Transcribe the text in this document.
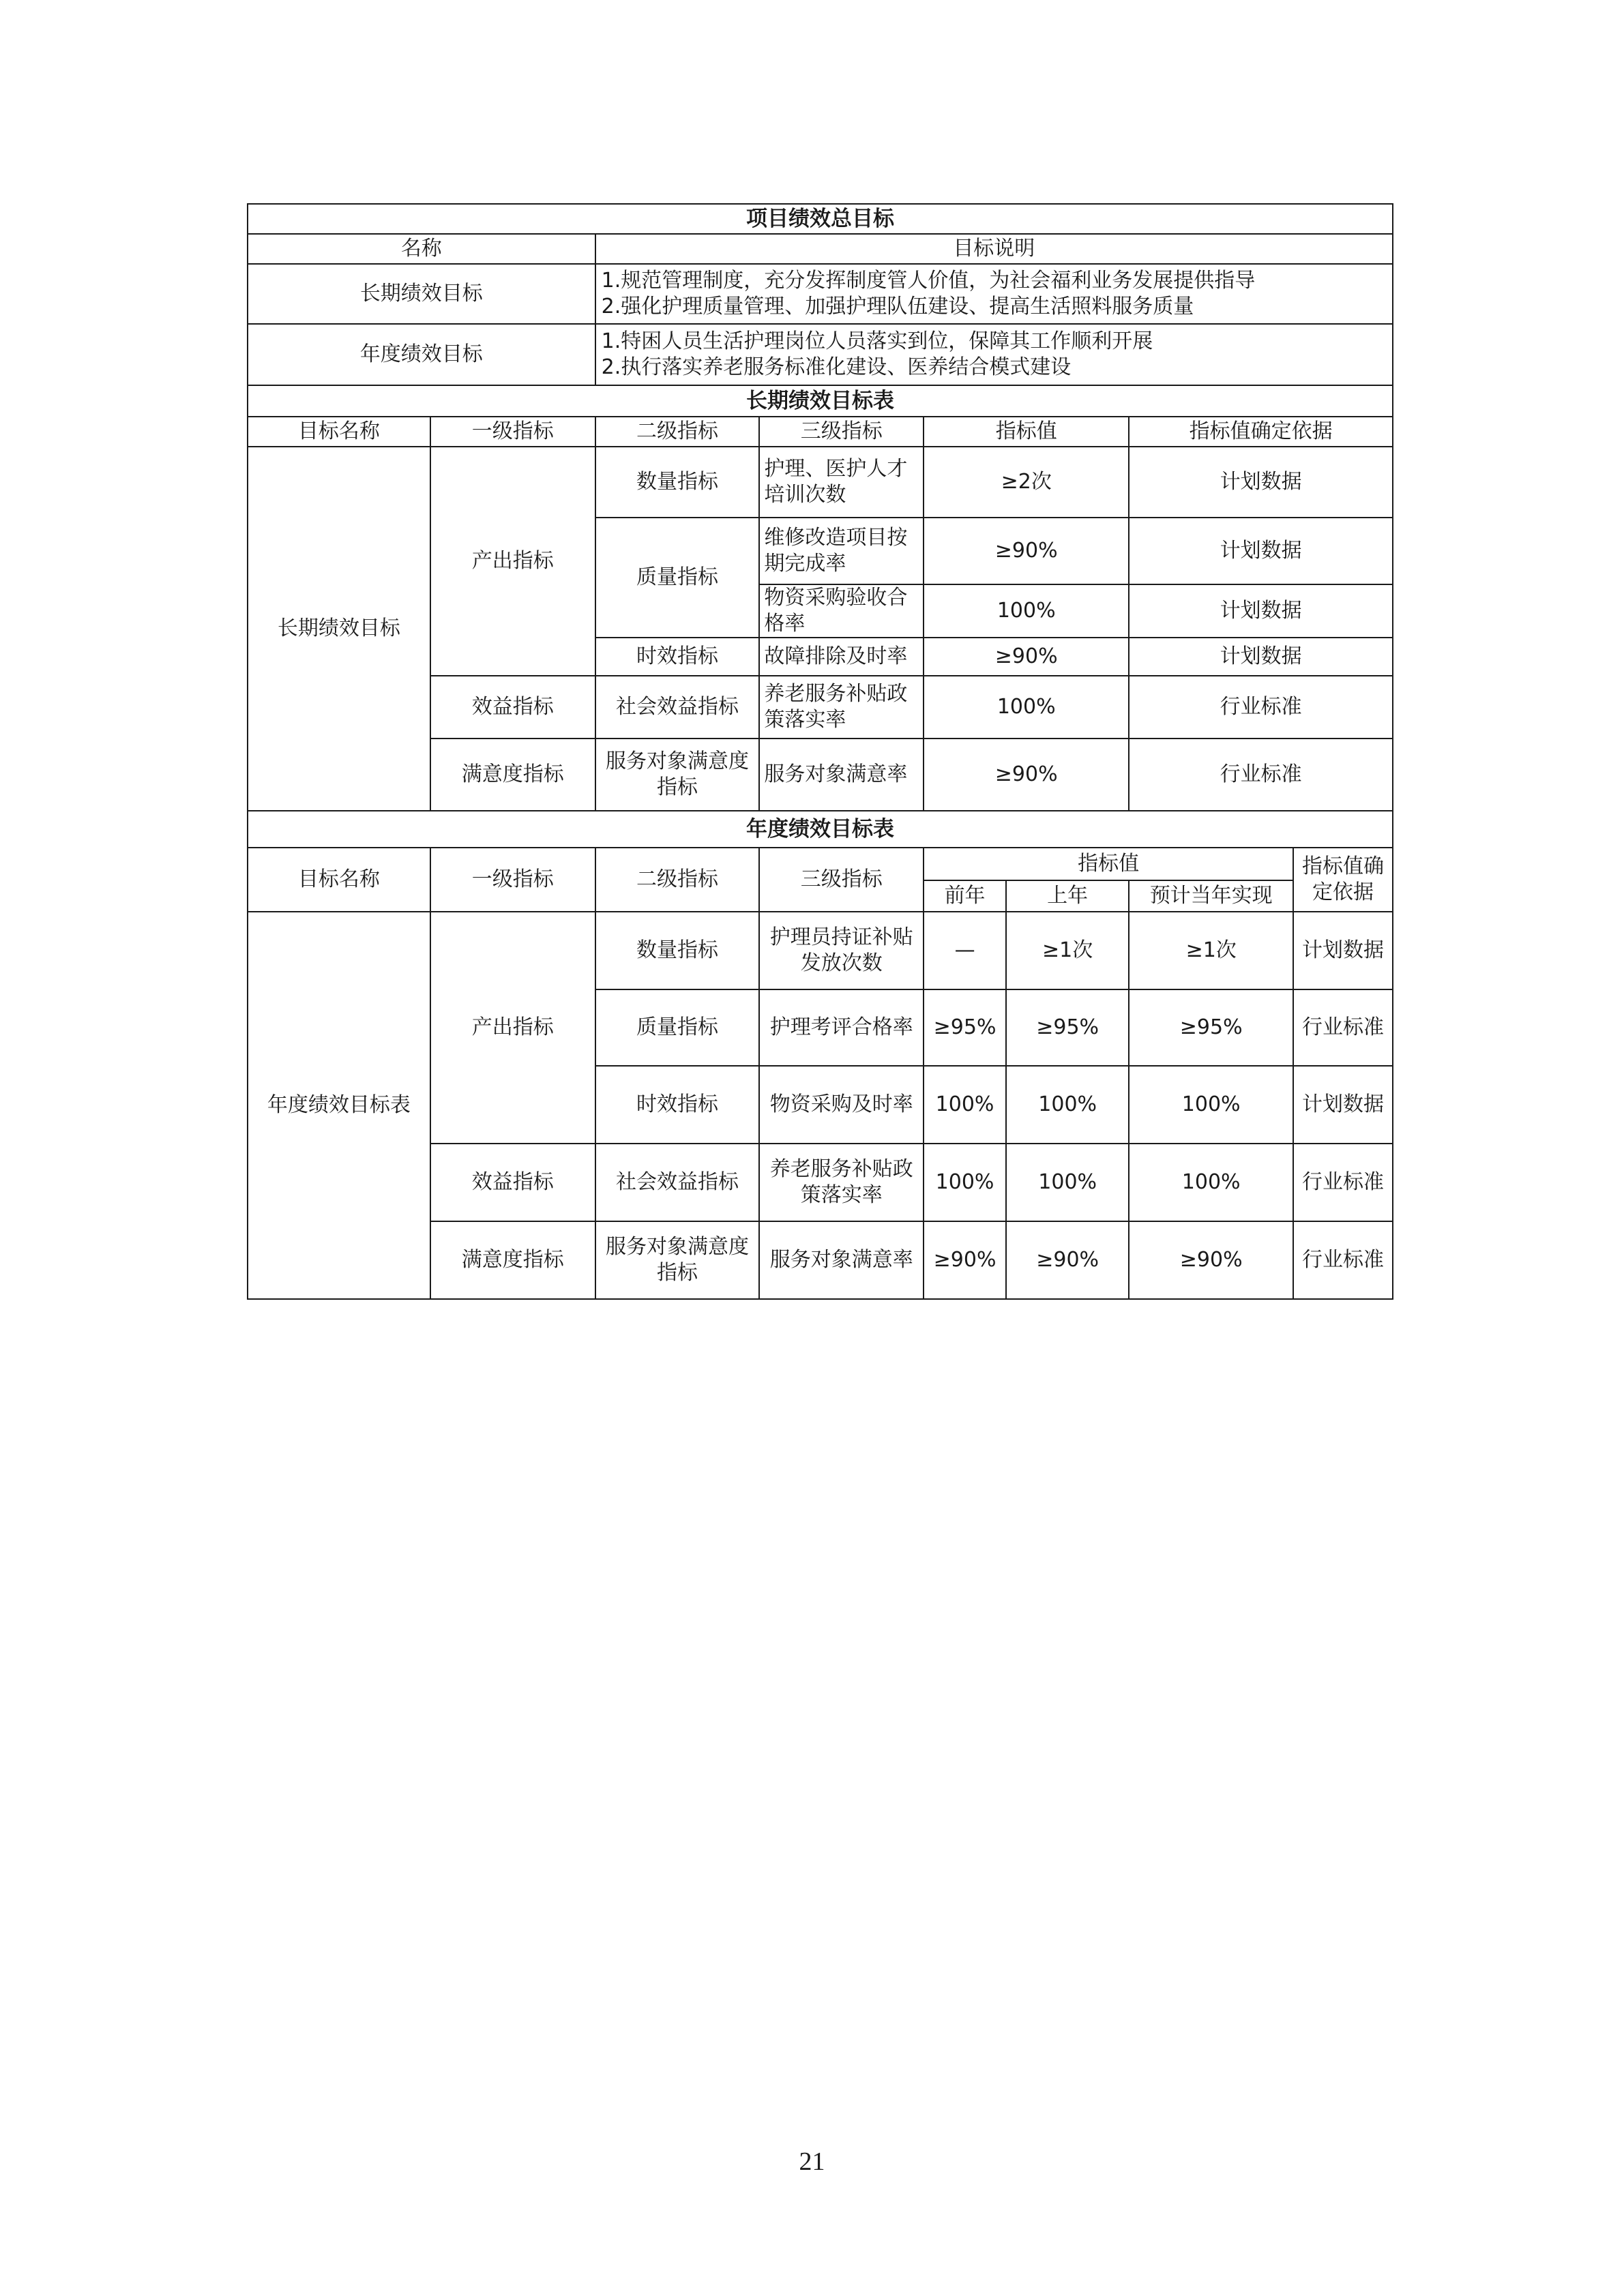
项目绩效总目标							
名称		目标说明					
长期绩效目标		1.规范管理制度，充分发挥制度管人价值，为社会福利业务发展提供指导
2.强化护理质量管理、加强护理队伍建设、提高生活照料服务质量					

年度绩效目标		1.特困人员生活护理岗位人员落实到位，保障其工作顺利开展
2.执行落实养老服务标准化建设、医养结合模式建设					

长期绩效目标表							
目标名称	一级指标	二级指标	三级指标	指标值		指标值确定依据	
长期绩效目标	产出指标	数量指标	护理、医护人才培训次数	≥2次		计划数据	
		质量指标	维修改造项目按期完成率	≥90%		计划数据	
			物资采购验收合格率	100%		计划数据	
		时效指标	故障排除及时率	≥90%		计划数据	
	效益指标	社会效益指标	养老服务补贴政策落实率	100%		行业标准	
	满意度指标	服务对象满意度指标	服务对象满意率	≥90%		行业标准	
年度绩效目标表							
目标名称	一级指标	二级指标	三级指标	指标值			指标值确定依据
				前年	上年	预计当年实现	
年度绩效目标表	产出指标	数量指标	护理员持证补贴发放次数	—	≥1次	≥1次	计划数据
		质量指标	护理考评合格率	≥95%	≥95%	≥95%	行业标准
		时效指标	物资采购及时率	100%	100%	100%	计划数据
	效益指标	社会效益指标	养老服务补贴政策落实率	100%	100%	100%	行业标准
	满意度指标	服务对象满意度指标	服务对象满意率	≥90%	≥90%	≥90%	行业标准
21
